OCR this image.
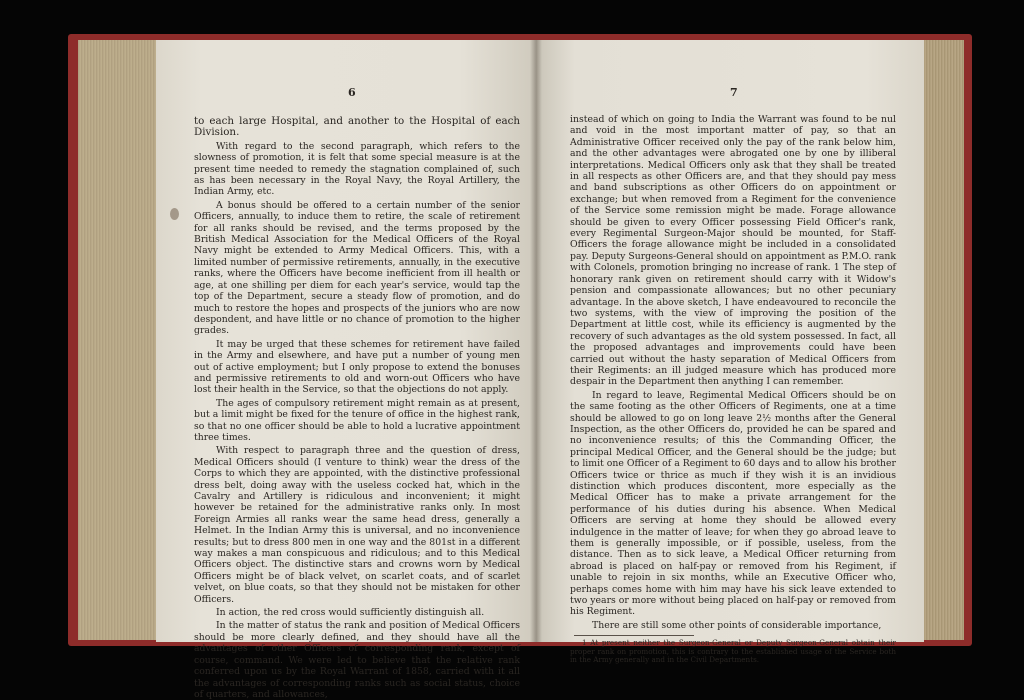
6

to each large Hospital, and another to the Hospital of each Division.

With regard to the second paragraph, which refers to the slowness of promotion, it is felt that some special measure is at the present time needed to remedy the stagnation complained of, such as has been necessary in the Royal Navy, the Royal Artillery, the Indian Army, etc.

A bonus should be offered to a certain number of the senior Officers, annually, to induce them to retire, the scale of retirement for all ranks should be revised, and the terms proposed by the British Medical Association for the Medical Officers of the Royal Navy might be extended to Army Medical Officers. This, with a limited number of permissive retirements, annually, in the executive ranks, where the Officers have become inefficient from ill health or age, at one shilling per diem for each year's service, would tap the top of the Department, secure a steady flow of promotion, and do much to restore the hopes and prospects of the juniors who are now despondent, and have little or no chance of promotion to the higher grades.

It may be urged that these schemes for retirement have failed in the Army and elsewhere, and have put a number of young men out of active employment; but I only propose to extend the bonuses and permissive retirements to old and worn-out Officers who have lost their health in the Service, so that the objections do not apply.

The ages of compulsory retirement might remain as at present, but a limit might be fixed for the tenure of office in the highest rank, so that no one officer should be able to hold a lucrative appointment three times.

With respect to paragraph three and the question of dress, Medical Officers should (I venture to think) wear the dress of the Corps to which they are appointed, with the distinctive professional dress belt, doing away with the useless cocked hat, which in the Cavalry and Artillery is ridiculous and inconvenient; it might however be retained for the administrative ranks only. In most Foreign Armies all ranks wear the same head dress, generally a Helmet. In the Indian Army this is universal, and no inconvenience results; but to dress 800 men in one way and the 801st in a different way makes a man conspicuous and ridiculous; and to this Medical Officers object. The distinctive stars and crowns worn by Medical Officers might be of black velvet, on scarlet coats, and of scarlet velvet, on blue coats, so that they should not be mistaken for other Officers.

In action, the red cross would sufficiently distinguish all.

In the matter of status the rank and position of Medical Officers should be more clearly defined, and they should have all the advantages of other Officers of corresponding rank, except of course, command. We were led to believe that the relative rank conferred upon us by the Royal Warrant of 1858, carried with it all the advantages of corresponding ranks such as social status, choice of quarters, and allowances,

7

instead of which on going to India the Warrant was found to be nul and void in the most important matter of pay, so that an Administrative Officer received only the pay of the rank below him, and the other advantages were abrogated one by one by illiberal interpretations. Medical Officers only ask that they shall be treated in all respects as other Officers are, and that they should pay mess and band subscriptions as other Officers do on appointment or exchange; but when removed from a Regiment for the convenience of the Service some remission might be made. Forage allowance should be given to every Officer possessing Field Officer's rank, every Regimental Surgeon-Major should be mounted, for Staff-Officers the forage allowance might be included in a consolidated pay. Deputy Surgeons-General should on appointment as P.M.O. rank with Colonels, promotion bringing no increase of rank. 1 The step of honorary rank given on retirement should carry with it Widow's pension and compassionate allowances; but no other pecuniary advantage. In the above sketch, I have endeavoured to reconcile the two systems, with the view of improving the position of the Department at little cost, while its efficiency is augmented by the recovery of such advantages as the old system possessed. In fact, all the proposed advantages and improvements could have been carried out without the hasty separation of Medical Officers from their Regiments: an ill judged measure which has produced more despair in the Department then anything I can remember.

In regard to leave, Regimental Medical Officers should be on the same footing as the other Officers of Regiments, one at a time should be allowed to go on long leave 2½ months after the General Inspection, as the other Officers do, provided he can be spared and no inconvenience results; of this the Commanding Officer, the principal Medical Officer, and the General should be the judge; but to limit one Officer of a Regiment to 60 days and to allow his brother Officers twice or thrice as much if they wish it is an invidious distinction which produces discontent, more especially as the Medical Officer has to make a private arrangement for the performance of his duties during his absence. When Medical Officers are serving at home they should be allowed every indulgence in the matter of leave; for when they go abroad leave to them is generally impossible, or if possible, useless, from the distance. Then as to sick leave, a Medical Officer returning from abroad is placed on half-pay or removed from his Regiment, if unable to rejoin in six months, while an Executive Officer who, perhaps comes home with him may have his sick leave extended to two years or more without being placed on half-pay or removed from his Regiment.

There are still some other points of considerable importance,

1 At present neither the Surgeon-General or Deputy Surgeon-General obtain their proper rank on promotion, this is contrary to the established usage of the Service both in the Army generally and in the Civil Departments.
